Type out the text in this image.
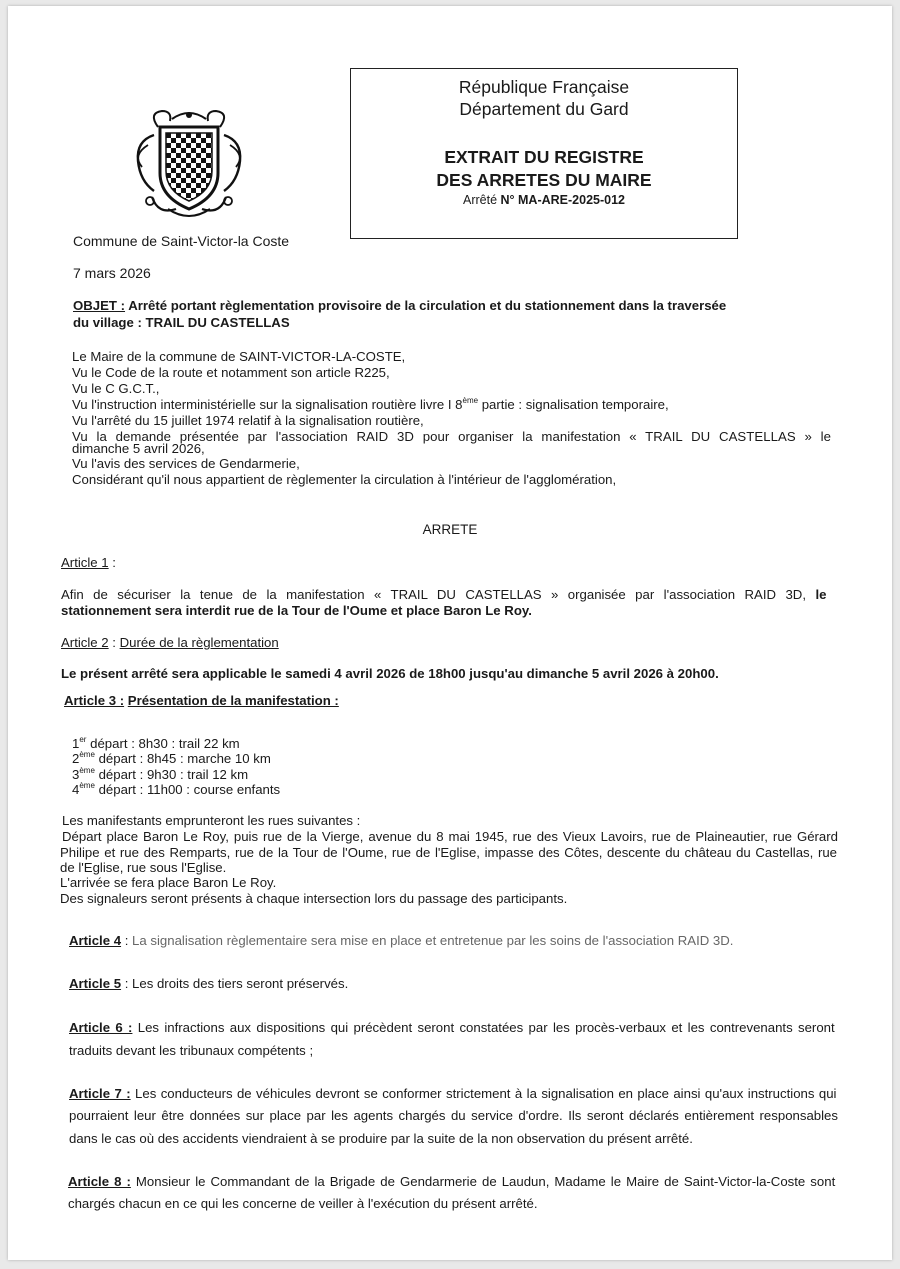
République Française
Département du Gard
EXTRAIT DU REGISTRE
DES ARRETES DU MAIRE
Arrêté N° MA-ARE-2025-012
Commune de Saint-Victor-la Coste
7 mars 2026
OBJET : Arrêté portant règlementation provisoire de la circulation et du stationnement dans la traversée
du village : TRAIL DU CASTELLAS
Le Maire de la commune de SAINT-VICTOR-LA-COSTE,
Vu le Code de la route et notamment son article R225,
Vu le C G.C.T.,
Vu l'instruction interministérielle sur la signalisation routière livre I 8ème partie : signalisation temporaire,
Vu l'arrêté du 15 juillet 1974 relatif à la signalisation routière,
Vu la demande présentée par l'association RAID 3D pour organiser la manifestation « TRAIL DU CASTELLAS » le
dimanche 5 avril 2026,
Vu l'avis des services de Gendarmerie,
Considérant qu'il nous appartient de règlementer la circulation à l'intérieur de l'agglomération,
ARRETE
Article 1 :
Afin de sécuriser la tenue de la manifestation « TRAIL DU CASTELLAS » organisée par l'association RAID 3D, le
stationnement sera interdit rue de la Tour de l'Oume et place Baron Le Roy.
Article 2 : Durée de la règlementation
Le présent arrêté sera applicable le samedi 4 avril 2026 de 18h00 jusqu'au dimanche 5 avril 2026 à 20h00.
Article 3 : Présentation de la manifestation :
1er départ : 8h30 : trail 22 km
2ème départ : 8h45 : marche 10 km
3ème départ : 9h30 : trail 12 km
4ème départ : 11h00 : course enfants
Les manifestants emprunteront les rues suivantes :
Départ place Baron Le Roy, puis rue de la Vierge, avenue du 8 mai 1945, rue des Vieux Lavoirs, rue de Plaineautier, rue Gérard
Philipe et rue des Remparts, rue de la Tour de l'Oume, rue de l'Eglise, impasse des Côtes, descente du château du Castellas, rue
de l'Eglise, rue sous l'Eglise.
L'arrivée se fera place Baron Le Roy.
Des signaleurs seront présents à chaque intersection lors du passage des participants.
Article 4 : La signalisation règlementaire sera mise en place et entretenue par les soins de l'association RAID 3D.
Article 5 : Les droits des tiers seront préservés.
Article 6 : Les infractions aux dispositions qui précèdent seront constatées par les procès-verbaux et les contrevenants seront
traduits devant les tribunaux compétents ;
Article 7 : Les conducteurs de véhicules devront se conformer strictement à la signalisation en place ainsi qu'aux instructions qui
pourraient leur être données sur place par les agents chargés du service d'ordre. Ils seront déclarés entièrement responsables
dans le cas où des accidents viendraient à se produire par la suite de la non observation du présent arrêté.
Article 8 : Monsieur le Commandant de la Brigade de Gendarmerie de Laudun, Madame le Maire de Saint-Victor-la-Coste sont
chargés chacun en ce qui les concerne de veiller à l'exécution du présent arrêté.
